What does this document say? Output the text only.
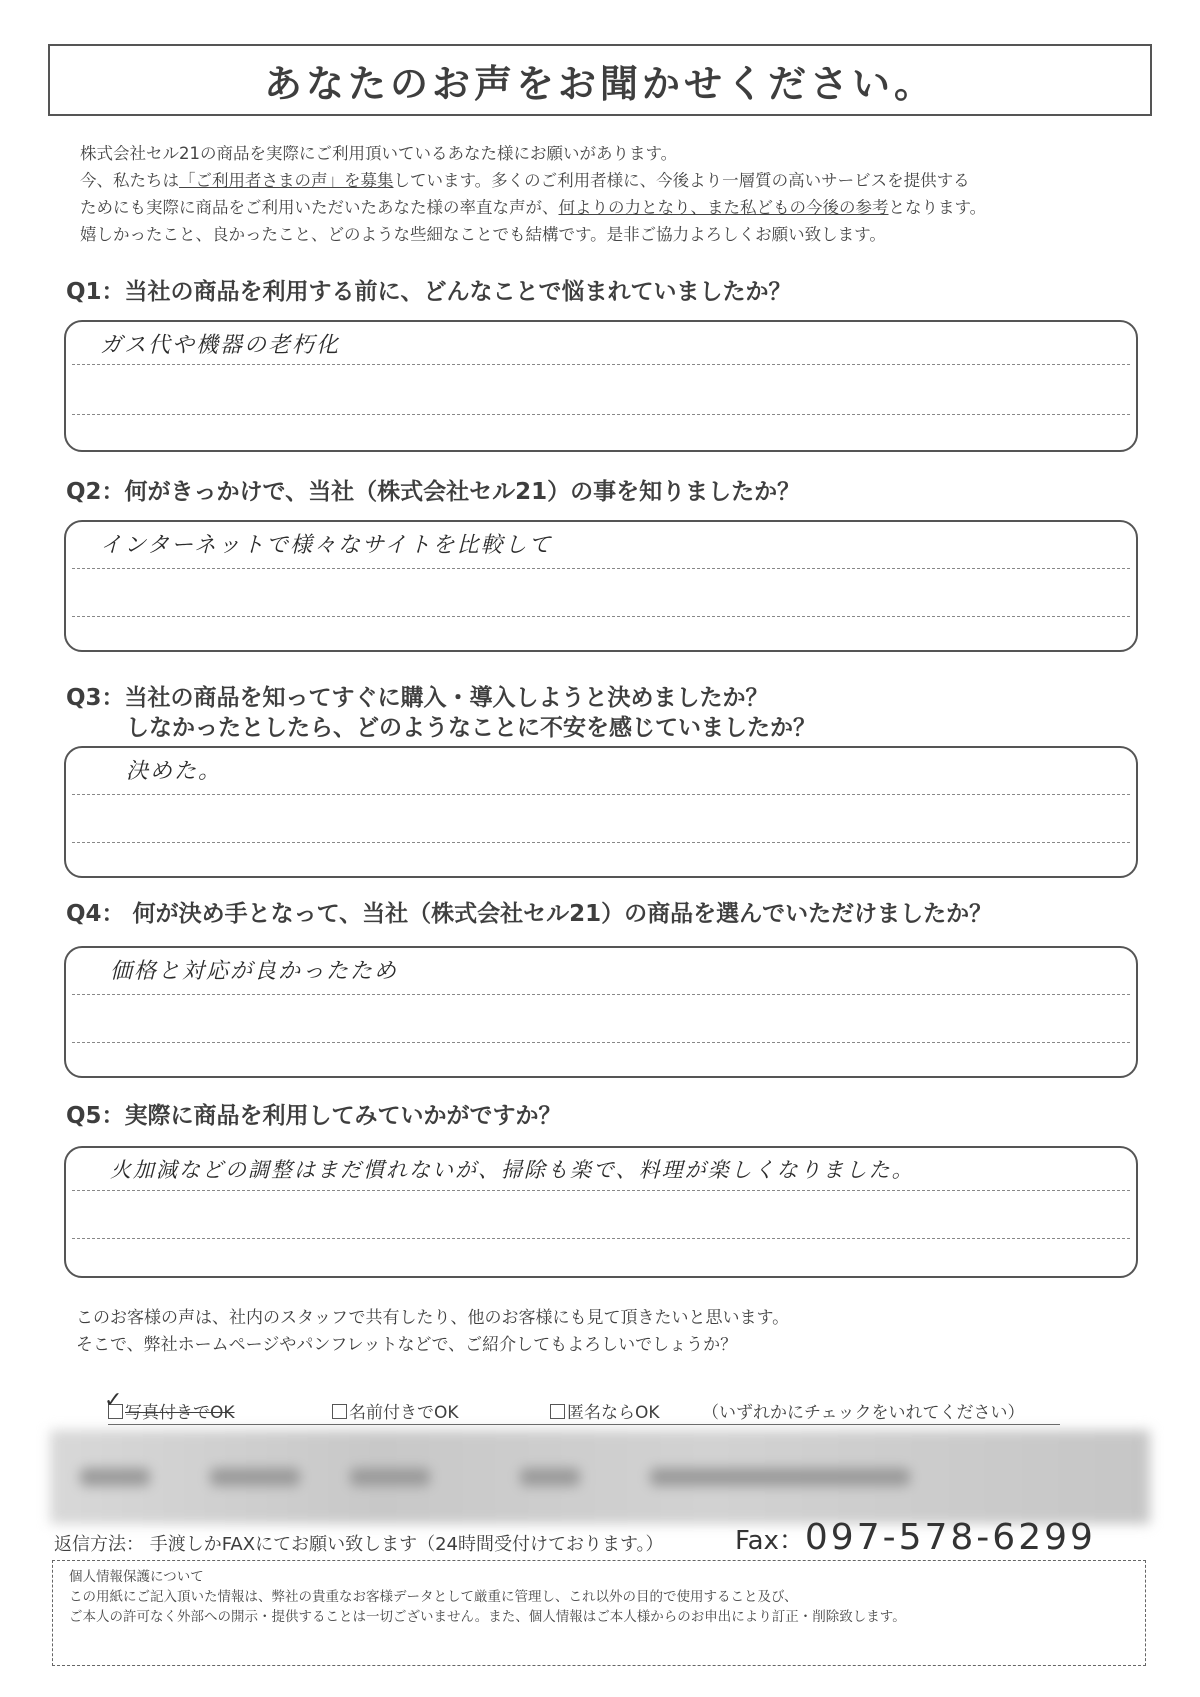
あなたのお声をお聞かせください。

株式会社セル21の商品を実際にご利用頂いているあなた様にお願いがあります。

今、私たちは「ご利用者さまの声」を募集しています。多くのご利用者様に、今後より一層質の高いサービスを提供する

ためにも実際に商品をご利用いただいたあなた様の率直な声が、何よりの力となり、また私どもの今後の参考となります。

嬉しかったこと、良かったこと、どのような些細なことでも結構です。是非ご協力よろしくお願い致します。

Q1：当社の商品を利用する前に、どんなことで悩まれていましたか？
ガス代や機器の老朽化
Q2：何がきっかけで、当社（株式会社セル21）の事を知りましたか？
インターネットで様々なサイトを比較して
Q3：当社の商品を知ってすぐに購入・導入しようと決めましたか？
しなかったとしたら、どのようなことに不安を感じていましたか？
決めた。
Q4： 何が決め手となって、当社（株式会社セル21）の商品を選んでいただけましたか？
価格と対応が良かったため
Q5：実際に商品を利用してみていかがですか？
火加減などの調整はまだ慣れないが、掃除も楽で、料理が楽しくなりました。

このお客様の声は、社内のスタッフで共有したり、他のお客様にも見て頂きたいと思います。

そこで、弊社ホームページやパンフレットなどで、ご紹介してもよろしいでしょうか？

✓ 写真付きでOK	名前付きでOK	匿名ならOK （いずれかにチェックをいれてください）
返信方法： 手渡しかFAXにてお願い致します（24時間受付けております。）	Fax：097-578-6299

個人情報保護について

この用紙にご記入頂いた情報は、弊社の貴重なお客様データとして厳重に管理し、これ以外の目的で使用すること及び、

ご本人の許可なく外部への開示・提供することは一切ございません。また、個人情報はご本人様からのお申出により訂正・削除致します。
